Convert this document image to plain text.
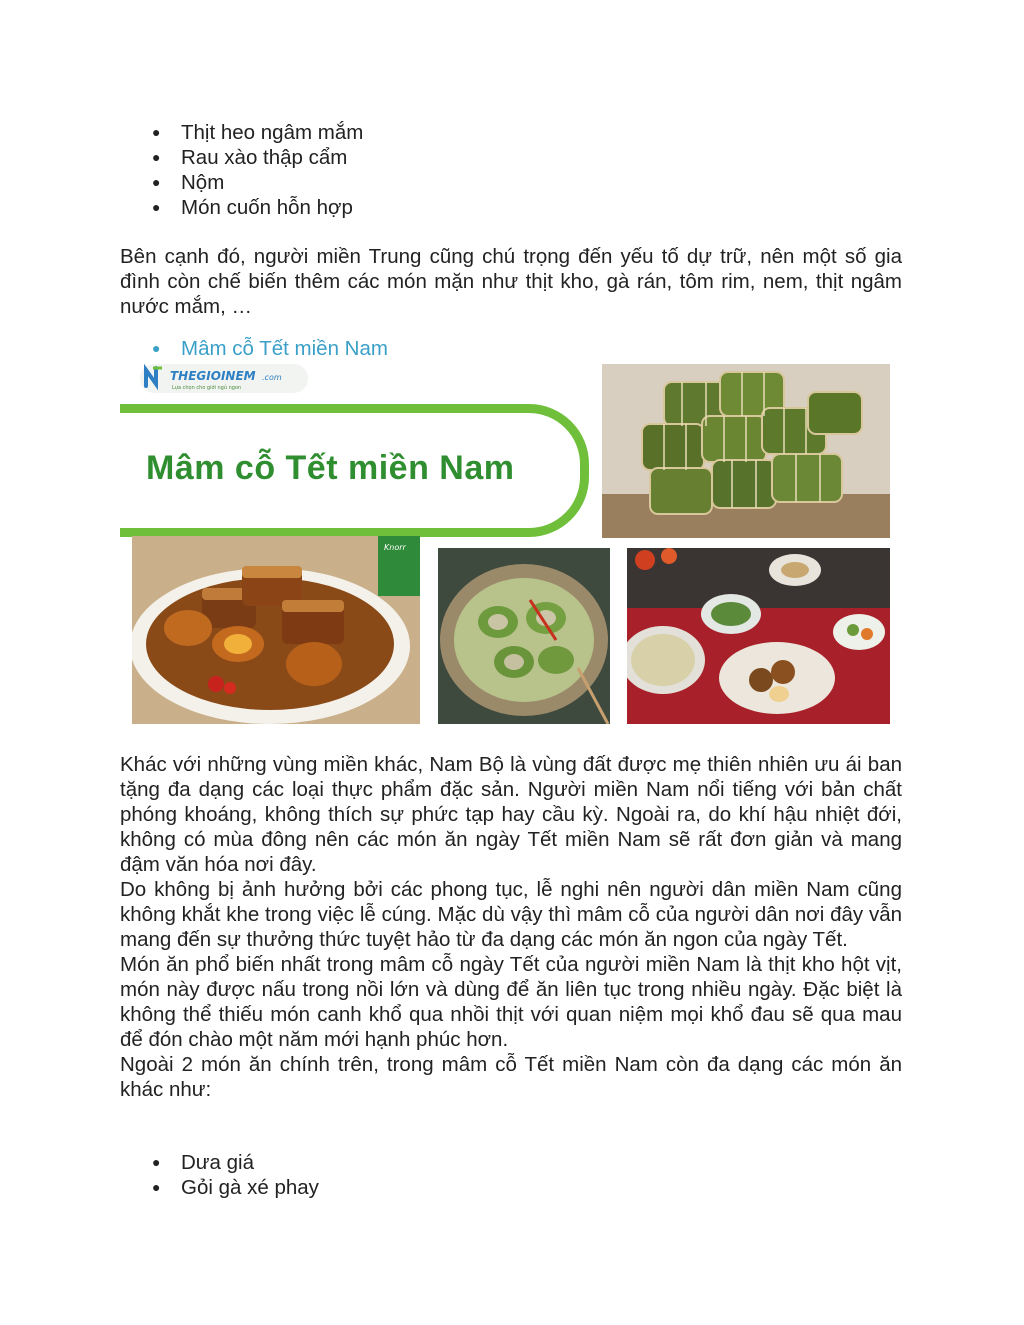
● Thịt heo ngâm mắm
● Rau xào thập cẩm
● Nộm
● Món cuốn hỗn hợp

Bên cạnh đó, người miền Trung cũng chú trọng đến yếu tố dự trữ, nên một số gia đình còn chế biến thêm các món mặn như thịt kho, gà rán, tôm rim, nem, thịt ngâm nước mắm, …

● Mâm cỗ Tết miền Nam
THEGIOINEM .com
Lựa chọn cho giới ngủ ngon
Mâm cỗ Tết miền Nam
Knorr

Khác với những vùng miền khác, Nam Bộ là vùng đất được mẹ thiên nhiên ưu ái ban tặng đa dạng các loại thực phẩm đặc sản. Người miền Nam nổi tiếng với bản chất phóng khoáng, không thích sự phức tạp hay cầu kỳ. Ngoài ra, do khí hậu nhiệt đới, không có mùa đông nên các món ăn ngày Tết miền Nam sẽ rất đơn giản và mang đậm văn hóa nơi đây.

Do không bị ảnh hưởng bởi các phong tục, lễ nghi nên người dân miền Nam cũng không khắt khe trong việc lễ cúng. Mặc dù vậy thì mâm cỗ của người dân nơi đây vẫn mang đến sự thưởng thức tuyệt hảo từ đa dạng các món ăn ngon của ngày Tết.

Món ăn phổ biến nhất trong mâm cỗ ngày Tết của người miền Nam là thịt kho hột vịt, món này được nấu trong nồi lớn và dùng để ăn liên tục trong nhiều ngày. Đặc biệt là không thể thiếu món canh khổ qua nhồi thịt với quan niệm mọi khổ đau sẽ qua mau để đón chào một năm mới hạnh phúc hơn.

Ngoài 2 món ăn chính trên, trong mâm cỗ Tết miền Nam còn đa dạng các món ăn khác như:

● Dưa giá
● Gỏi gà xé phay
